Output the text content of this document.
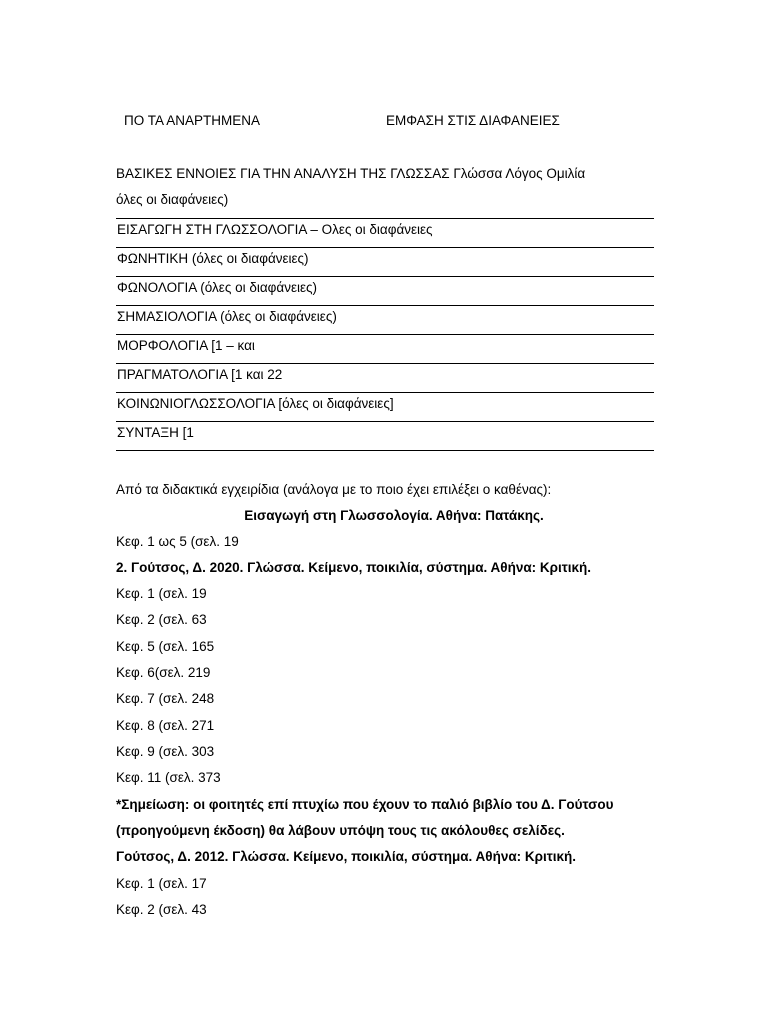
ΠΟ ΤΑ ΑΝΑΡΤΗΜΕΝΑ	ΕΜΦΑΣΗ ΣΤΙΣ ΔΙΑΦΑΝΕΙΕΣ
ΒΑΣΙΚΕΣ ΕΝΝΟΙΕΣ ΓΙΑ ΤΗΝ ΑΝΑΛΥΣΗ ΤΗΣ ΓΛΩΣΣΑΣ Γλώσσα Λόγος Ομιλία
όλες οι διαφάνειες)
ΕΙΣΑΓΩΓΗ ΣΤΗ ΓΛΩΣΣΟΛΟΓΙΑ – Ολες οι διαφάνειες
ΦΩΝΗΤΙΚΗ (όλες οι διαφάνειες)
ΦΩΝΟΛΟΓΙΑ (όλες οι διαφάνειες)
ΣΗΜΑΣΙΟΛΟΓΙΑ (όλες οι διαφάνειες)
ΜΟΡΦΟΛΟΓΙΑ [1 – και
ΠΡΑΓΜΑΤΟΛΟΓΙΑ [1 και 22
ΚΟΙΝΩΝΙΟΓΛΩΣΣΟΛΟΓΙΑ [όλες οι διαφάνειες]
ΣΥΝΤΑΞΗ [1
Από τα διδακτικά εγχειρίδια (ανάλογα με το ποιο έχει επιλέξει ο καθένας):
Εισαγωγή στη Γλωσσολογία. Αθήνα: Πατάκης.
Κεφ. 1 ως 5 (σελ. 19
2. Γούτσος, Δ. 2020. Γλώσσα. Κείμενο, ποικιλία, σύστημα. Αθήνα: Κριτική.
Κεφ. 1 (σελ. 19
Κεφ. 2 (σελ. 63
Κεφ. 5 (σελ. 165
Κεφ. 6(σελ. 219
Κεφ. 7 (σελ. 248
Κεφ. 8 (σελ. 271
Κεφ. 9 (σελ. 303
Κεφ. 11 (σελ. 373
*Σημείωση: οι φοιτητές επί πτυχίω που έχουν το παλιό βιβλίο του Δ. Γούτσου
(προηγούμενη έκδοση) θα λάβουν υπόψη τους τις ακόλουθες σελίδες.
Γούτσος, Δ. 2012. Γλώσσα. Κείμενο, ποικιλία, σύστημα. Αθήνα: Κριτική.
Κεφ. 1 (σελ. 17
Κεφ. 2 (σελ. 43
